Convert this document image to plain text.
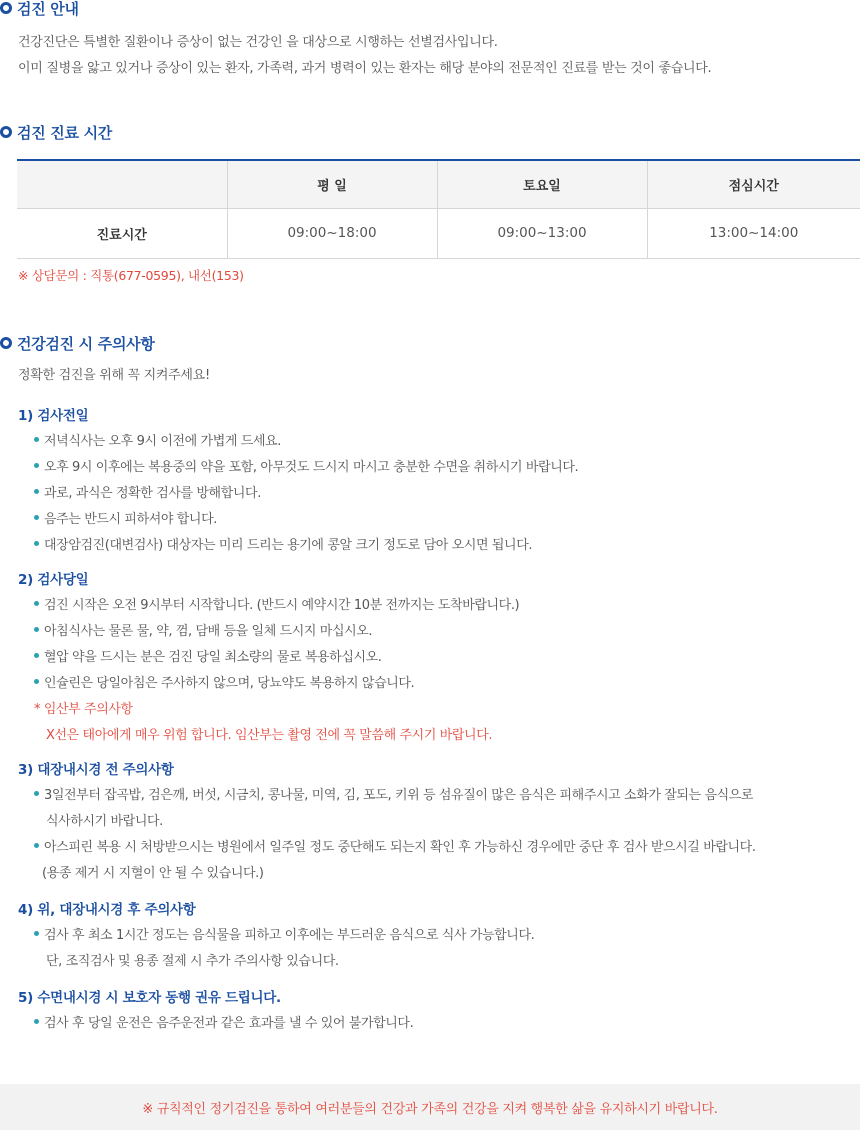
검진 안내
건강진단은 특별한 질환이나 증상이 없는 건강인 을 대상으로 시행하는 선별검사입니다.
이미 질병을 앓고 있거나 증상이 있는 환자, 가족력, 과거 병력이 있는 환자는 해당 분야의 전문적인 진료를 받는 것이 좋습니다.
검진 진료 시간
	평 일	토요일	점심시간
진료시간	09:00~18:00	09:00~13:00	13:00~14:00
※ 상담문의 : 직통(677-0595), 내선(153)
건강검진 시 주의사항
정확한 검진을 위해 꼭 지켜주세요!
1) 검사전일
저녁식사는 오후 9시 이전에 가볍게 드세요.
오후 9시 이후에는 복용중의 약을 포함, 아무것도 드시지 마시고 충분한 수면을 취하시기 바랍니다.
과로, 과식은 정확한 검사를 방해합니다.
음주는 반드시 피하셔야 합니다.
대장암검진(대변검사) 대상자는 미리 드리는 용기에 콩알 크기 정도로 담아 오시면 됩니다.
2) 검사당일
검진 시작은 오전 9시부터 시작합니다. (반드시 예약시간 10분 전까지는 도착바랍니다.)
아침식사는 물론 물, 약, 껌, 담배 등을 일체 드시지 마십시오.
혈압 약을 드시는 분은 검진 당일 최소량의 물로 복용하십시오.
인슐린은 당일아침은 주사하지 않으며, 당뇨약도 복용하지 않습니다.
* 임산부 주의사항
X선은 태아에게 매우 위험 합니다. 임산부는 촬영 전에 꼭 말씀해 주시기 바랍니다.
3) 대장내시경 전 주의사항
3일전부터 잡곡밥, 검은깨, 버섯, 시금치, 콩나물, 미역, 김, 포도, 키위 등 섬유질이 많은 음식은 피해주시고 소화가 잘되는 음식으로
식사하시기 바랍니다.
아스피린 복용 시 처방받으시는 병원에서 일주일 정도 중단해도 되는지 확인 후 가능하신 경우에만 중단 후 검사 받으시길 바랍니다.
(용종 제거 시 지혈이 안 될 수 있습니다.)
4) 위, 대장내시경 후 주의사항
검사 후 최소 1시간 정도는 음식물을 피하고 이후에는 부드러운 음식으로 식사 가능합니다.
단, 조직검사 및 용종 절제 시 추가 주의사항 있습니다.
5) 수면내시경 시 보호자 동행 권유 드립니다.
검사 후 당일 운전은 음주운전과 같은 효과를 낼 수 있어 불가합니다.
※ 규칙적인 정기검진을 통하여 여러분들의 건강과 가족의 건강을 지켜 행복한 삶을 유지하시기 바랍니다.
